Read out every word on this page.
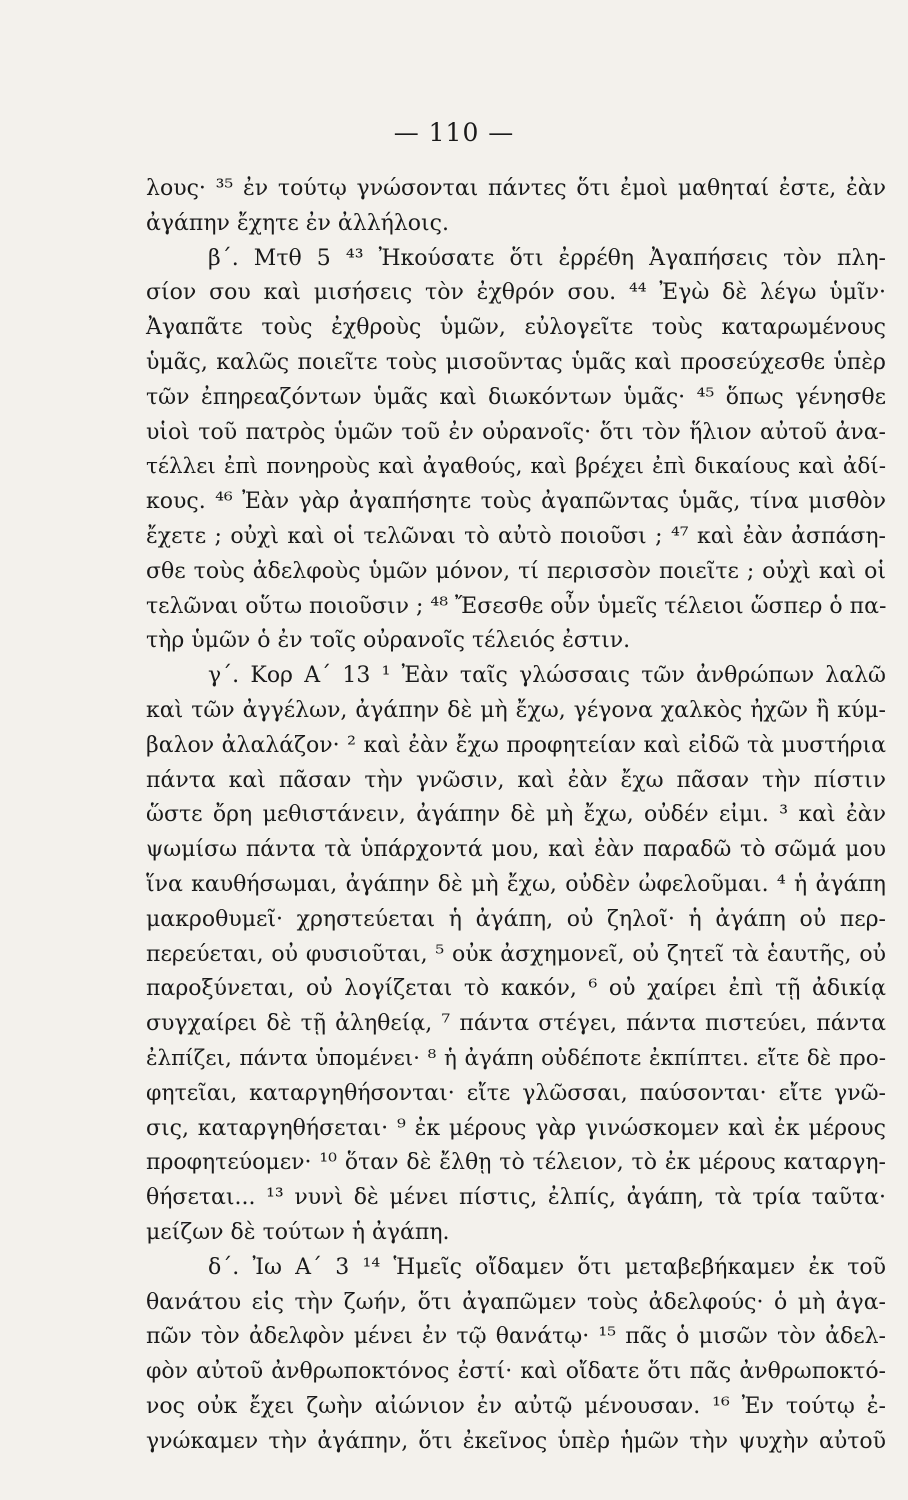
— 110 —
λους· ³⁵ ἐν τούτῳ γνώσονται πάντες ὅτι ἐμοὶ μαθηταί ἐστε, ἐὰν
ἀγάπην ἔχητε ἐν ἀλλήλοις.
β΄. Μτθ 5 ⁴³ Ἠκούσατε ὅτι ἐρρέθη Ἀγαπήσεις τὸν πλη-
σίον σου καὶ μισήσεις τὸν ἐχθρόν σου. ⁴⁴ Ἐγὼ δὲ λέγω ὑμῖν·
Ἀγαπᾶτε τοὺς ἐχθροὺς ὑμῶν, εὐλογεῖτε τοὺς καταρωμένους
ὑμᾶς, καλῶς ποιεῖτε τοὺς μισοῦντας ὑμᾶς καὶ προσεύχεσθε ὑπὲρ
τῶν ἐπηρεαζόντων ὑμᾶς καὶ διωκόντων ὑμᾶς· ⁴⁵ ὅπως γένησθε
υἱοὶ τοῦ πατρὸς ὑμῶν τοῦ ἐν οὐρανοῖς· ὅτι τὸν ἥλιον αὐτοῦ ἀνα-
τέλλει ἐπὶ πονηροὺς καὶ ἀγαθούς, καὶ βρέχει ἐπὶ δικαίους καὶ ἀδί-
κους. ⁴⁶ Ἐὰν γὰρ ἀγαπήσητε τοὺς ἀγαπῶντας ὑμᾶς, τίνα μισθὸν
ἔχετε ; οὐχὶ καὶ οἱ τελῶναι τὸ αὐτὸ ποιοῦσι ; ⁴⁷ καὶ ἐὰν ἀσπάση-
σθε τοὺς ἀδελφοὺς ὑμῶν μόνον, τί περισσὸν ποιεῖτε ; οὐχὶ καὶ οἱ
τελῶναι οὕτω ποιοῦσιν ; ⁴⁸ Ἔσεσθε οὖν ὑμεῖς τέλειοι ὥσπερ ὁ πα-
τὴρ ὑμῶν ὁ ἐν τοῖς οὐρανοῖς τέλειός ἐστιν.
γ΄. Κορ Α΄ 13 ¹ Ἐὰν ταῖς γλώσσαις τῶν ἀνθρώπων λαλῶ
καὶ τῶν ἀγγέλων, ἀγάπην δὲ μὴ ἔχω, γέγονα χαλκὸς ἠχῶν ἢ κύμ-
βαλον ἀλαλάζον· ² καὶ ἐὰν ἔχω προφητείαν καὶ εἰδῶ τὰ μυστήρια
πάντα καὶ πᾶσαν τὴν γνῶσιν, καὶ ἐὰν ἔχω πᾶσαν τὴν πίστιν
ὥστε ὄρη μεθιστάνειν, ἀγάπην δὲ μὴ ἔχω, οὐδέν εἰμι. ³ καὶ ἐὰν
ψωμίσω πάντα τὰ ὑπάρχοντά μου, καὶ ἐὰν παραδῶ τὸ σῶμά μου
ἵνα καυθήσωμαι, ἀγάπην δὲ μὴ ἔχω, οὐδὲν ὠφελοῦμαι. ⁴ ἡ ἀγάπη
μακροθυμεῖ· χρηστεύεται ἡ ἀγάπη, οὐ ζηλοῖ· ἡ ἀγάπη οὐ περ-
περεύεται, οὐ φυσιοῦται, ⁵ οὐκ ἀσχημονεῖ, οὐ ζητεῖ τὰ ἑαυτῆς, οὐ
παροξύνεται, οὐ λογίζεται τὸ κακόν, ⁶ οὐ χαίρει ἐπὶ τῇ ἀδικίᾳ
συγχαίρει δὲ τῇ ἀληθείᾳ, ⁷ πάντα στέγει, πάντα πιστεύει, πάντα
ἐλπίζει, πάντα ὑπομένει· ⁸ ἡ ἀγάπη οὐδέποτε ἐκπίπτει. εἴτε δὲ προ-
φητεῖαι, καταργηθήσονται· εἴτε γλῶσσαι, παύσονται· εἴτε γνῶ-
σις, καταργηθήσεται· ⁹ ἐκ μέρους γὰρ γινώσκομεν καὶ ἐκ μέρους
προφητεύομεν· ¹⁰ ὅταν δὲ ἔλθῃ τὸ τέλειον, τὸ ἐκ μέρους καταργη-
θήσεται... ¹³ νυνὶ δὲ μένει πίστις, ἐλπίς, ἀγάπη, τὰ τρία ταῦτα·
μείζων δὲ τούτων ἡ ἀγάπη.
δ΄. Ἰω Α΄ 3 ¹⁴ Ἡμεῖς οἴδαμεν ὅτι μεταβεβήκαμεν ἐκ τοῦ
θανάτου εἰς τὴν ζωήν, ὅτι ἀγαπῶμεν τοὺς ἀδελφούς· ὁ μὴ ἀγα-
πῶν τὸν ἀδελφὸν μένει ἐν τῷ θανάτῳ· ¹⁵ πᾶς ὁ μισῶν τὸν ἀδελ-
φὸν αὐτοῦ ἀνθρωποκτόνος ἐστί· καὶ οἴδατε ὅτι πᾶς ἀνθρωποκτό-
νος οὐκ ἔχει ζωὴν αἰώνιον ἐν αὐτῷ μένουσαν. ¹⁶ Ἐν τούτῳ ἐ-
γνώκαμεν τὴν ἀγάπην, ὅτι ἐκεῖνος ὑπὲρ ἡμῶν τὴν ψυχὴν αὐτοῦ
